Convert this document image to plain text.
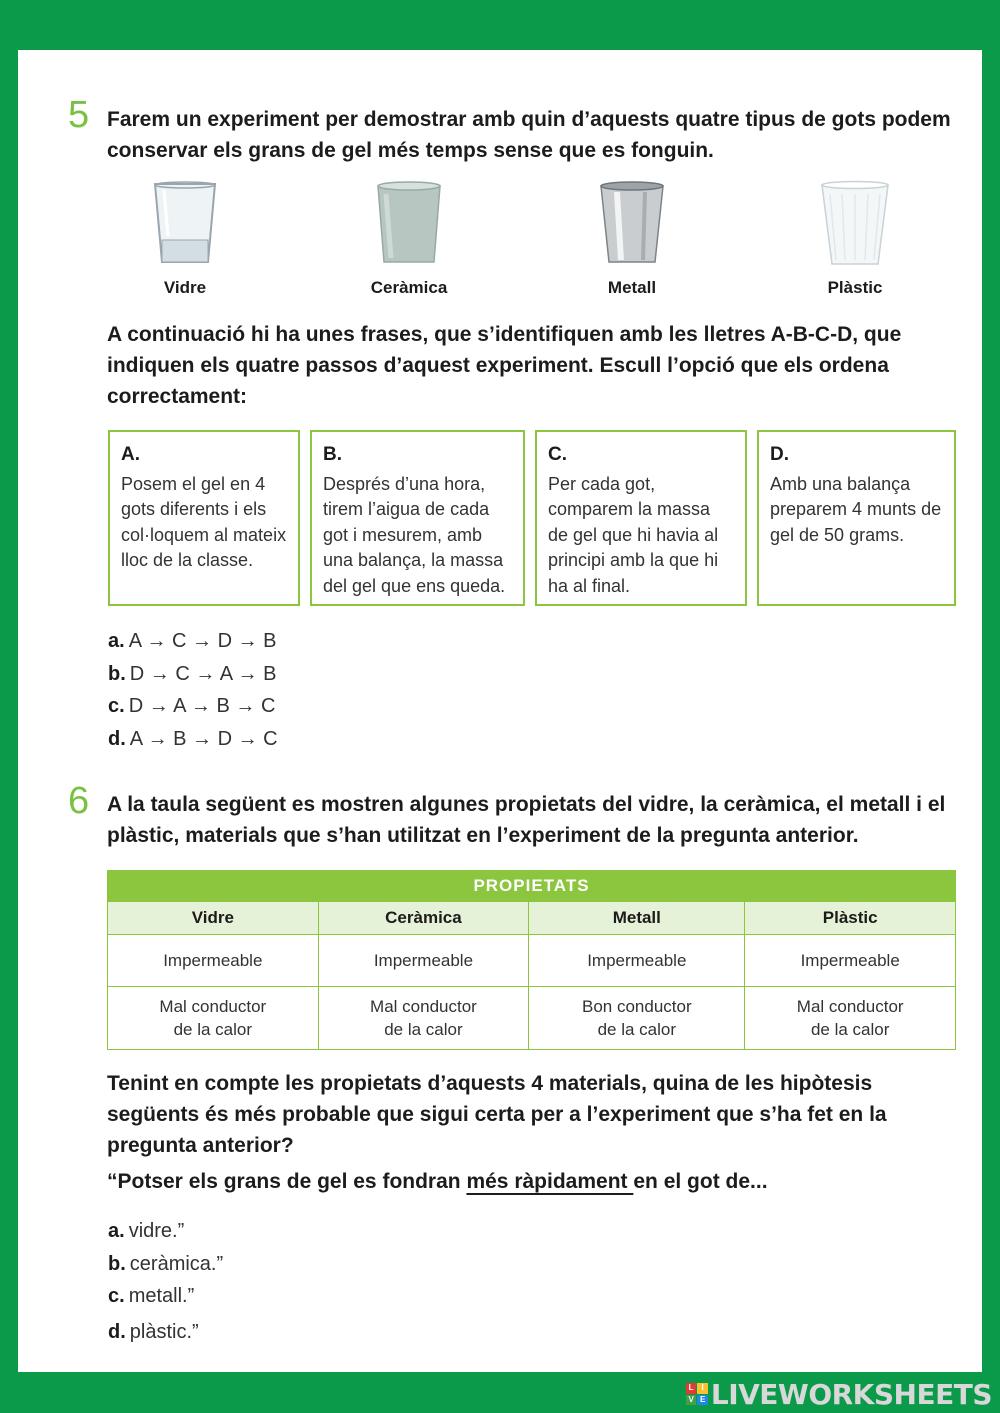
5 Farem un experiment per demostrar amb quin d’aquests quatre tipus de gots podem conservar els grans de gel més temps sense que es fonguin.
Vidre	Ceràmica	Metall	Plàstic
A continuació hi ha unes frases, que s’identifiquen amb les lletres A-B-C-D, que indiquen els quatre passos d’aquest experiment. Escull l’opció que els ordena correctament:
A.
Posem el gel en 4 gots diferents i els col·loquem al mateix lloc de la classe.
B.
Després d’una hora, tirem l’aigua de cada got i mesurem, amb una balança, la massa del gel que ens queda.
C.
Per cada got, comparem la massa de gel que hi havia al principi amb la que hi ha al final.
D.
Amb una balança preparem 4 munts de gel de 50 grams.
a. A → C → D → B
b. D → C → A → B
c. D → A → B → C
d. A → B → D → C
6 A la taula següent es mostren algunes propietats del vidre, la ceràmica, el metall i el plàstic, materials que s’han utilitzat en l’experiment de la pregunta anterior.
PROPIETATS			
Vidre	Ceràmica	Metall	Plàstic
Impermeable	Impermeable	Impermeable	Impermeable
Mal conductor
de la calor	Mal conductor
de la calor	Bon conductor
de la calor	Mal conductor
de la calor
Tenint en compte les propietats d’aquests 4 materials, quina de les hipòtesis següents és més probable que sigui certa per a l’experiment que s’ha fet en la pregunta anterior?
“Potser els grans de gel es fondran més ràpidament en el got de...
a. vidre.”
b. ceràmica.”
c. metall.”
d. plàstic.”
L I
V E LIVEWORKSHEETS
